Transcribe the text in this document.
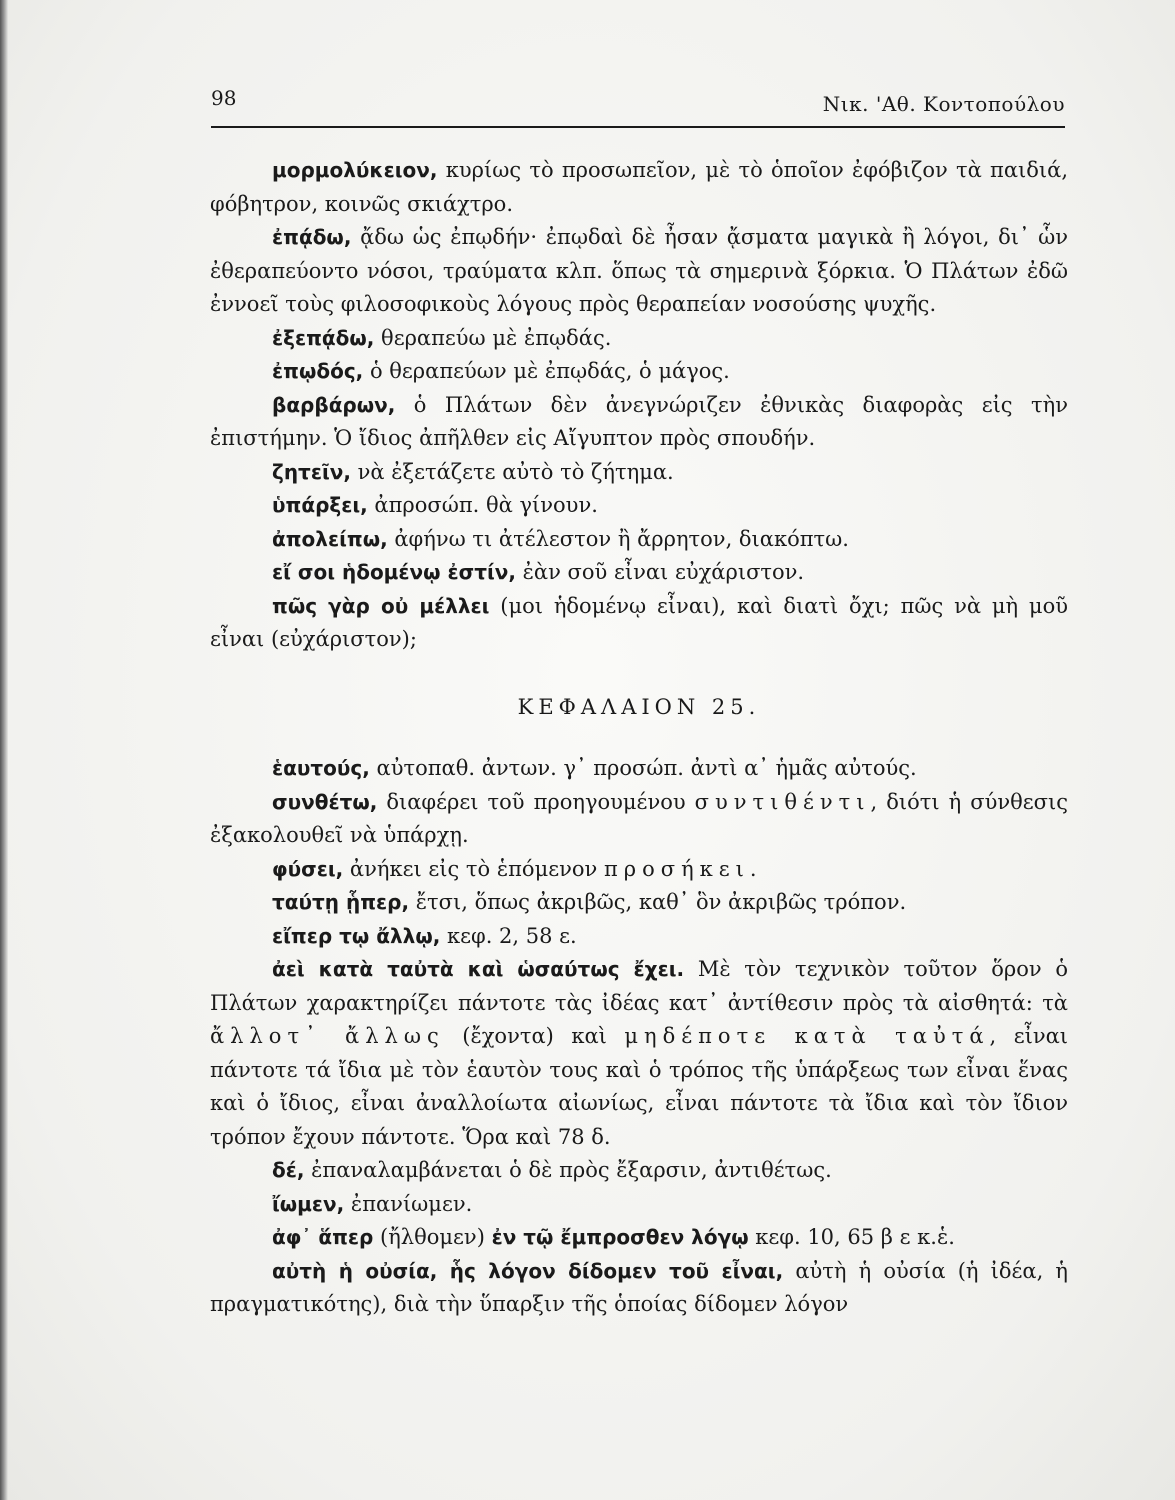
98	Νικ. 'Αθ. Κοντοπούλου

μορμολύκειον, κυρίως τὸ προσωπεῖον, μὲ τὸ ὁποῖον ἐφόβιζον τὰ παιδιά, φόβητρον, κοινῶς σκιάχτρο.

ἐπᾴδω, ᾄδω ὡς ἐπῳδήν· ἐπῳδαὶ δὲ ἦσαν ᾄσματα μαγικὰ ἢ λόγοι, δι᾽ ὧν ἐθεραπεύοντο νόσοι, τραύματα κλπ. ὅπως τὰ σημερινὰ ξόρκια. Ὁ Πλάτων ἐδῶ ἐννοεῖ τοὺς φιλοσοφικοὺς λόγους πρὸς θεραπείαν νοσούσης ψυχῆς.

ἐξεπᾴδω, θεραπεύω μὲ ἐπῳδάς.

ἐπῳδός, ὁ θεραπεύων μὲ ἐπῳδάς, ὁ μάγος.

βαρβάρων, ὁ Πλάτων δὲν ἀνεγνώριζεν ἐθνικὰς διαφορὰς εἰς τὴν ἐπιστήμην. Ὁ ἴδιος ἀπῆλθεν εἰς Αἴγυπτον πρὸς σπουδήν.

ζητεῖν, νὰ ἐξετάζετε αὐτὸ τὸ ζήτημα.

ὑπάρξει, ἀπροσώπ. θὰ γίνουν.

ἀπολείπω, ἀφήνω τι ἀτέλεστον ἢ ἄρρητον, διακόπτω.

εἴ σοι ἡδομένῳ ἐστίν, ἐὰν σοῦ εἶναι εὐχάριστον.

πῶς γὰρ οὐ μέλλει (μοι ἡδομένῳ εἶναι), καὶ διατὶ ὄχι; πῶς νὰ μὴ μοῦ εἶναι (εὐχάριστον);

ΚΕΦΑΛΑΙΟΝ 25.

ἑαυτούς, αὐτοπαθ. ἀντων. γ᾽ προσώπ. ἀντὶ α᾽ ἡμᾶς αὐτούς.

συνθέτω, διαφέρει τοῦ προηγουμένου συντιθέντι, διότι ἡ σύνθεσις ἐξακολουθεῖ νὰ ὑπάρχῃ.

φύσει, ἀνήκει εἰς τὸ ἑπόμενον προσήκει.

ταύτῃ ᾗπερ, ἔτσι, ὅπως ἀκριβῶς, καθ᾽ ὃν ἀκριβῶς τρόπον.

εἴπερ τῳ ἄλλῳ, κεφ. 2, 58 ε.

ἀεὶ κατὰ ταὐτὰ καὶ ὡσαύτως ἔχει. Μὲ τὸν τεχνικὸν τοῦτον ὅρον ὁ Πλάτων χαρακτηρίζει πάντοτε τὰς ἰδέας κατ᾽ ἀντίθεσιν πρὸς τὰ αἰσθητά: τὰ ἄλλοτ᾽ ἄλλως (ἔχοντα) καὶ μηδέποτε κατὰ ταὐτά, εἶναι πάντοτε τά ἴδια μὲ τὸν ἑαυτὸν τους καὶ ὁ τρόπος τῆς ὑπάρξεως των εἶναι ἕνας καὶ ὁ ἴδιος, εἶναι ἀναλλοίωτα αἰωνίως, εἶναι πάντοτε τὰ ἴδια καὶ τὸν ἴδιον τρόπον ἔχουν πάντοτε. Ὅρα καὶ 78 δ.

δέ, ἐπαναλαμβάνεται ὁ δὲ πρὸς ἔξαρσιν, ἀντιθέτως.

ἴωμεν, ἐπανίωμεν.

ἀφ᾽ ἅπερ (ἤλθομεν) ἐν τῷ ἔμπροσθεν λόγῳ κεφ. 10, 65 β ε κ.ἑ.

αὐτὴ ἡ οὐσία, ἧς λόγον δίδομεν τοῦ εἶναι, αὐτὴ ἡ οὐσία (ἡ ἰδέα, ἡ πραγματικότης), διὰ τὴν ὕπαρξιν τῆς ὁποίας δίδομεν λόγον
